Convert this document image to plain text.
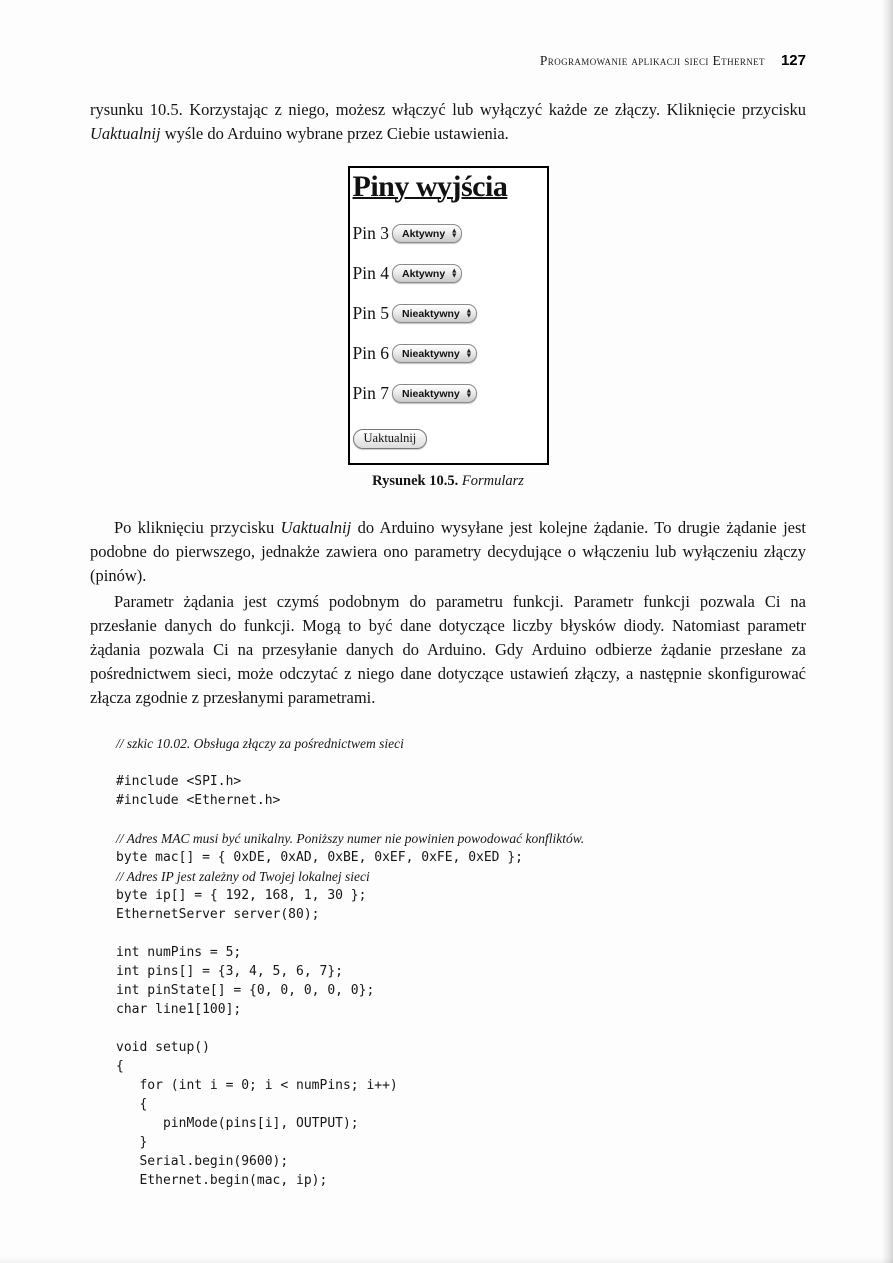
Programowanie aplikacji sieci Ethernet 127

rysunku 10.5. Korzystając z niego, możesz włączyć lub wyłączyć każde ze złączy. Kliknięcie przycisku Uaktualnij wyśle do Arduino wybrane przez Ciebie ustawienia.

Piny wyjścia
Pin 3 Aktywny ▲
▼
Pin 4 Aktywny ▲
▼
Pin 5 Nieaktywny ▲
▼
Pin 6 Nieaktywny ▲
▼
Pin 7 Nieaktywny ▲
▼
Uaktualnij
Rysunek 10.5. Formularz

Po kliknięciu przycisku Uaktualnij do Arduino wysyłane jest kolejne żądanie. To drugie żądanie jest podobne do pierwszego, jednakże zawiera ono parametry decydujące o włączeniu lub wyłączeniu złączy (pinów).

Parametr żądania jest czymś podobnym do parametru funkcji. Parametr funkcji pozwala Ci na przesłanie danych do funkcji. Mogą to być dane dotyczące liczby błysków diody. Natomiast parametr żądania pozwala Ci na przesyłanie danych do Arduino. Gdy Arduino odbierze żądanie przesłane za pośrednictwem sieci, może odczytać z niego dane dotyczące ustawień złączy, a następnie skonfigurować złącza zgodnie z przesłanymi parametrami.

// szkic 10.02. Obsługa złączy za pośrednictwem sieci
#include <SPI.h>
#include <Ethernet.h>
// Adres MAC musi być unikalny. Poniższy numer nie powinien powodować konfliktów.
byte mac[] = { 0xDE, 0xAD, 0xBE, 0xEF, 0xFE, 0xED };
// Adres IP jest zależny od Twojej lokalnej sieci
byte ip[] = { 192, 168, 1, 30 };
EthernetServer server(80);
int numPins = 5;
int pins[] = {3, 4, 5, 6, 7};
int pinState[] = {0, 0, 0, 0, 0};
char line1[100];
void setup()
{
for (int i = 0; i < numPins; i++)
{
pinMode(pins[i], OUTPUT);
}
Serial.begin(9600);
Ethernet.begin(mac, ip);
